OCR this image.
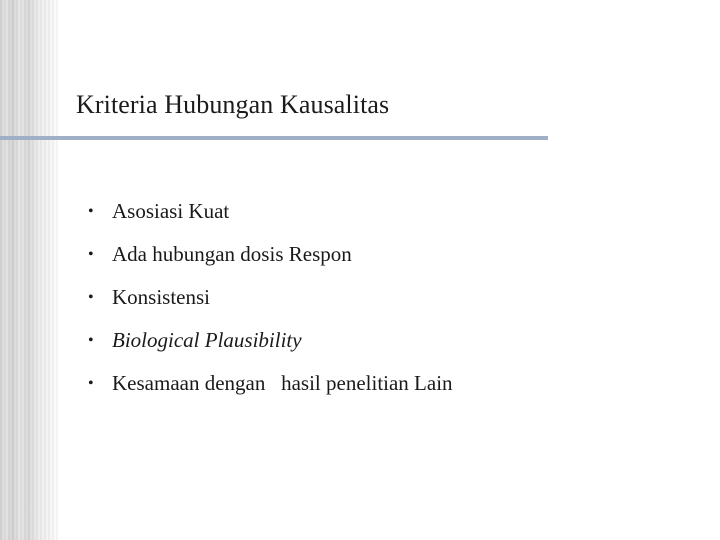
Kriteria Hubungan Kausalitas
• Asosiasi Kuat
• Ada hubungan dosis Respon
• Konsistensi
• Biological Plausibility
• Kesamaan dengan   hasil penelitian Lain
